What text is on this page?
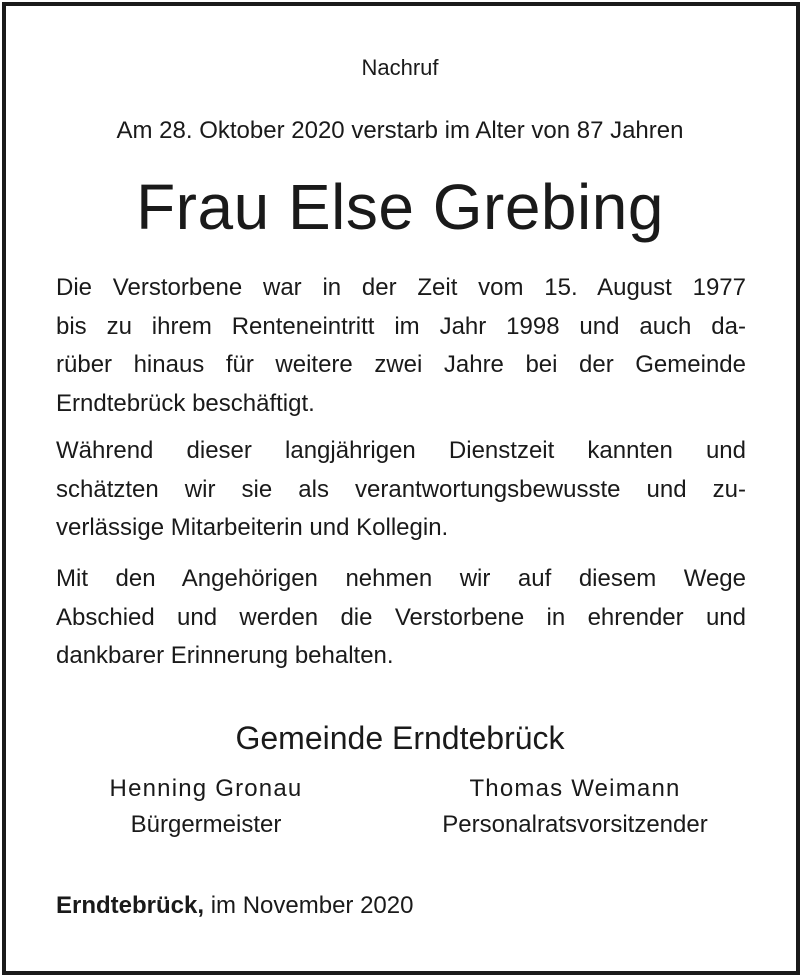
Nachruf
Am 28. Oktober 2020 verstarb im Alter von 87 Jahren
Frau Else Grebing
Die Verstorbene war in der Zeit vom 15. August 1977
bis zu ihrem Renteneintritt im Jahr 1998 und auch da-
rüber hinaus für weitere zwei Jahre bei der Gemeinde
Erndtebrück beschäftigt.
Während dieser langjährigen Dienstzeit kannten und
schätzten wir sie als verantwortungsbewusste und zu-
verlässige Mitarbeiterin und Kollegin.
Mit den Angehörigen nehmen wir auf diesem Wege
Abschied und werden die Verstorbene in ehrender und
dankbarer Erinnerung behalten.
Gemeinde Erndtebrück
Henning Gronau
Bürgermeister
Thomas Weimann
Personalratsvorsitzender
Erndtebrück, im November 2020
